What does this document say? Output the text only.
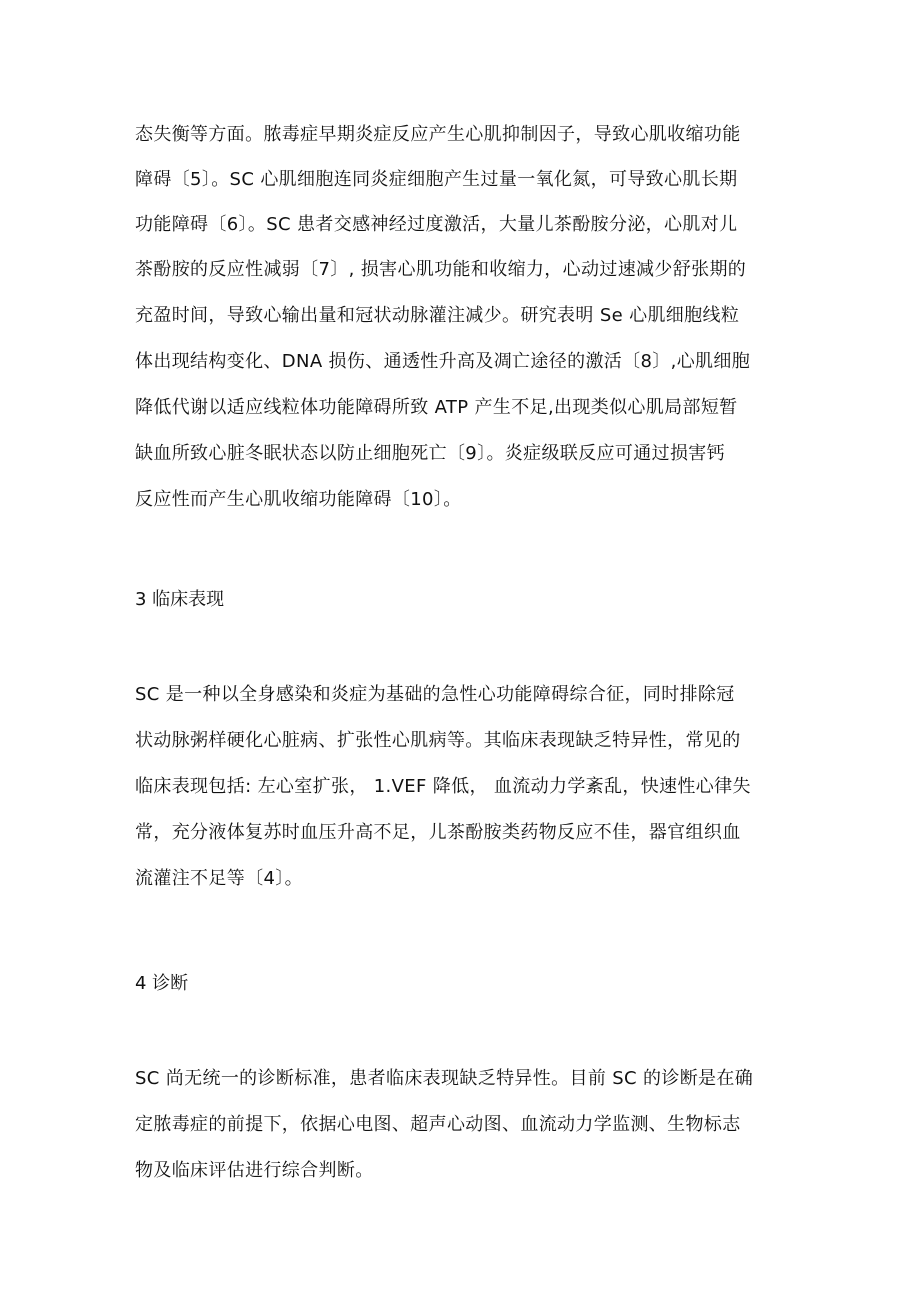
态失衡等方面。脓毒症早期炎症反应产生心肌抑制因子，导致心肌收缩功能
障碍〔5〕。SC 心肌细胞连同炎症细胞产生过量一氧化氮，可导致心肌长期
功能障碍〔6〕。SC 患者交感神经过度激活，大量儿茶酚胺分泌，心肌对儿
茶酚胺的反应性减弱〔7〕, 损害心肌功能和收缩力，心动过速减少舒张期的
充盈时间，导致心输出量和冠状动脉灌注减少。研究表明 Se 心肌细胞线粒
体出现结构变化、DNA 损伤、通透性升高及凋亡途径的激活〔8〕,心肌细胞
降低代谢以适应线粒体功能障碍所致 ATP 产生不足,出现类似心肌局部短暂
缺血所致心脏冬眠状态以防止细胞死亡〔9〕。炎症级联反应可通过损害钙
反应性而产生心肌收缩功能障碍〔10〕。
3 临床表现
SC 是一种以全身感染和炎症为基础的急性心功能障碍综合征，同时排除冠
状动脉粥样硬化心脏病、扩张性心肌病等。其临床表现缺乏特异性，常见的
临床表现包括: 左心室扩张， 1.VEF 降低， 血流动力学紊乱，快速性心律失
常，充分液体复苏时血压升高不足，儿茶酚胺类药物反应不佳，器官组织血
流灌注不足等〔4〕。
4 诊断
SC 尚无统一的诊断标准，患者临床表现缺乏特异性。目前 SC 的诊断是在确
定脓毒症的前提下，依据心电图、超声心动图、血流动力学监测、生物标志
物及临床评估进行综合判断。
